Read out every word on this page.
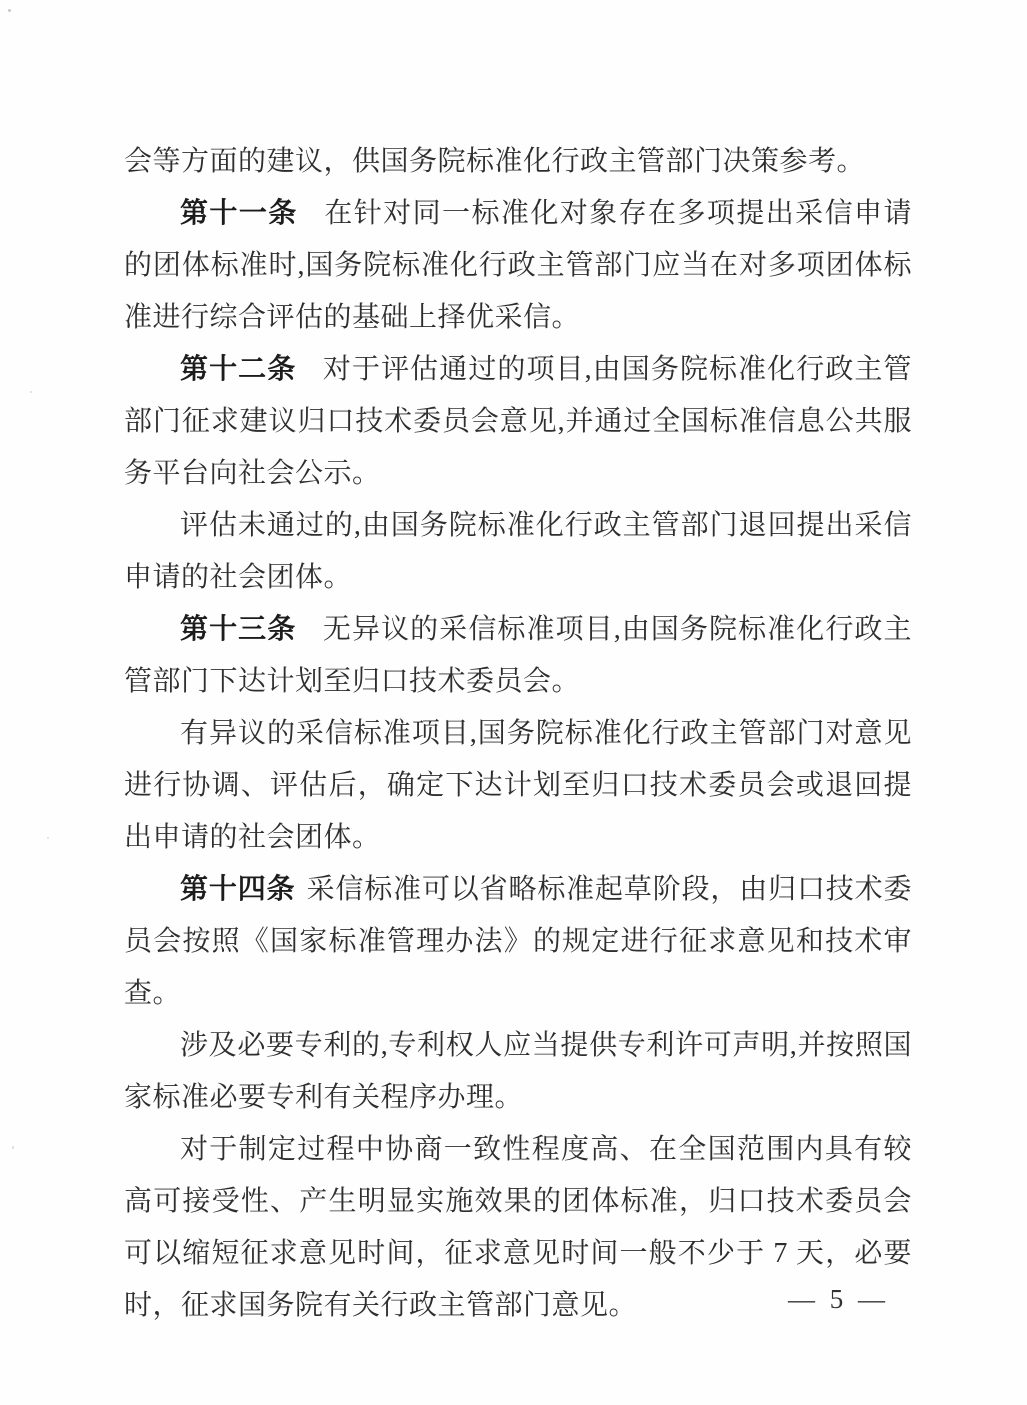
会等方面的建议，供国务院标准化行政主管部门决策参考。

第十一条 在针对同一标准化对象存在多项提出采信申请的团体标准时,国务院标准化行政主管部门应当在对多项团体标准进行综合评估的基础上择优采信。

第十二条 对于评估通过的项目,由国务院标准化行政主管部门征求建议归口技术委员会意见,并通过全国标准信息公共服务平台向社会公示。

评估未通过的,由国务院标准化行政主管部门退回提出采信申请的社会团体。

第十三条 无异议的采信标准项目,由国务院标准化行政主管部门下达计划至归口技术委员会。

有异议的采信标准项目,国务院标准化行政主管部门对意见进行协调、评估后，确定下达计划至归口技术委员会或退回提出申请的社会团体。

第十四条 采信标准可以省略标准起草阶段，由归口技术委员会按照《国家标准管理办法》的规定进行征求意见和技术审查。

涉及必要专利的,专利权人应当提供专利许可声明,并按照国家标准必要专利有关程序办理。

对于制定过程中协商一致性程度高、在全国范围内具有较高可接受性、产生明显实施效果的团体标准，归口技术委员会可以缩短征求意见时间，征求意见时间一般不少于 7 天，必要时，征求国务院有关行政主管部门意见。	— 5 —
